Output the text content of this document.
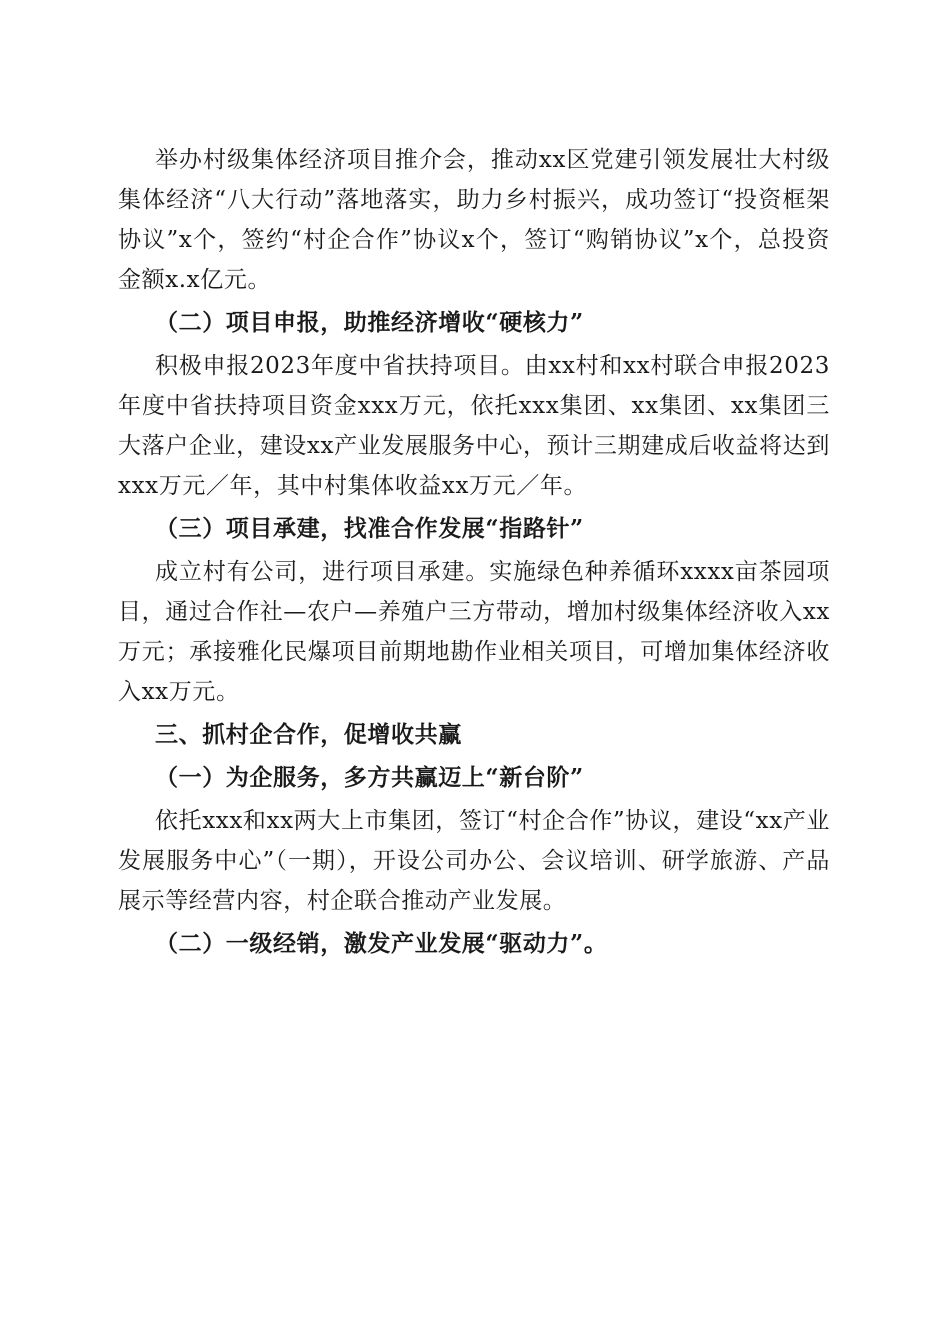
举办村级集体经济项目推介会，推动xx区党建引领发展壮大村级集体经济“八大行动”落地落实，助力乡村振兴，成功签订“投资框架协议”x个，签约“村企合作”协议x个，签订“购销协议”x个，总投资金额x.x亿元。

（二）项目申报，助推经济增收“硬核力”

积极申报2023年度中省扶持项目。由xx村和xx村联合申报2023年度中省扶持项目资金xxx万元，依托xxx集团、xx集团、xx集团三大落户企业，建设xx产业发展服务中心，预计三期建成后收益将达到xxx万元／年，其中村集体收益xx万元／年。

（三）项目承建，找准合作发展“指路针”

成立村有公司，进行项目承建。实施绿色种养循环xxxx亩茶园项目，通过合作社—农户—养殖户三方带动，增加村级集体经济收入xx万元；承接雅化民爆项目前期地勘作业相关项目，可增加集体经济收入xx万元。

三、抓村企合作，促增收共赢

（一）为企服务，多方共赢迈上“新台阶”

依托xxx和xx两大上市集团，签订“村企合作”协议，建设“xx产业发展服务中心”（一期），开设公司办公、会议培训、研学旅游、产品展示等经营内容，村企联合推动产业发展。

（二）一级经销，激发产业发展“驱动力”。
